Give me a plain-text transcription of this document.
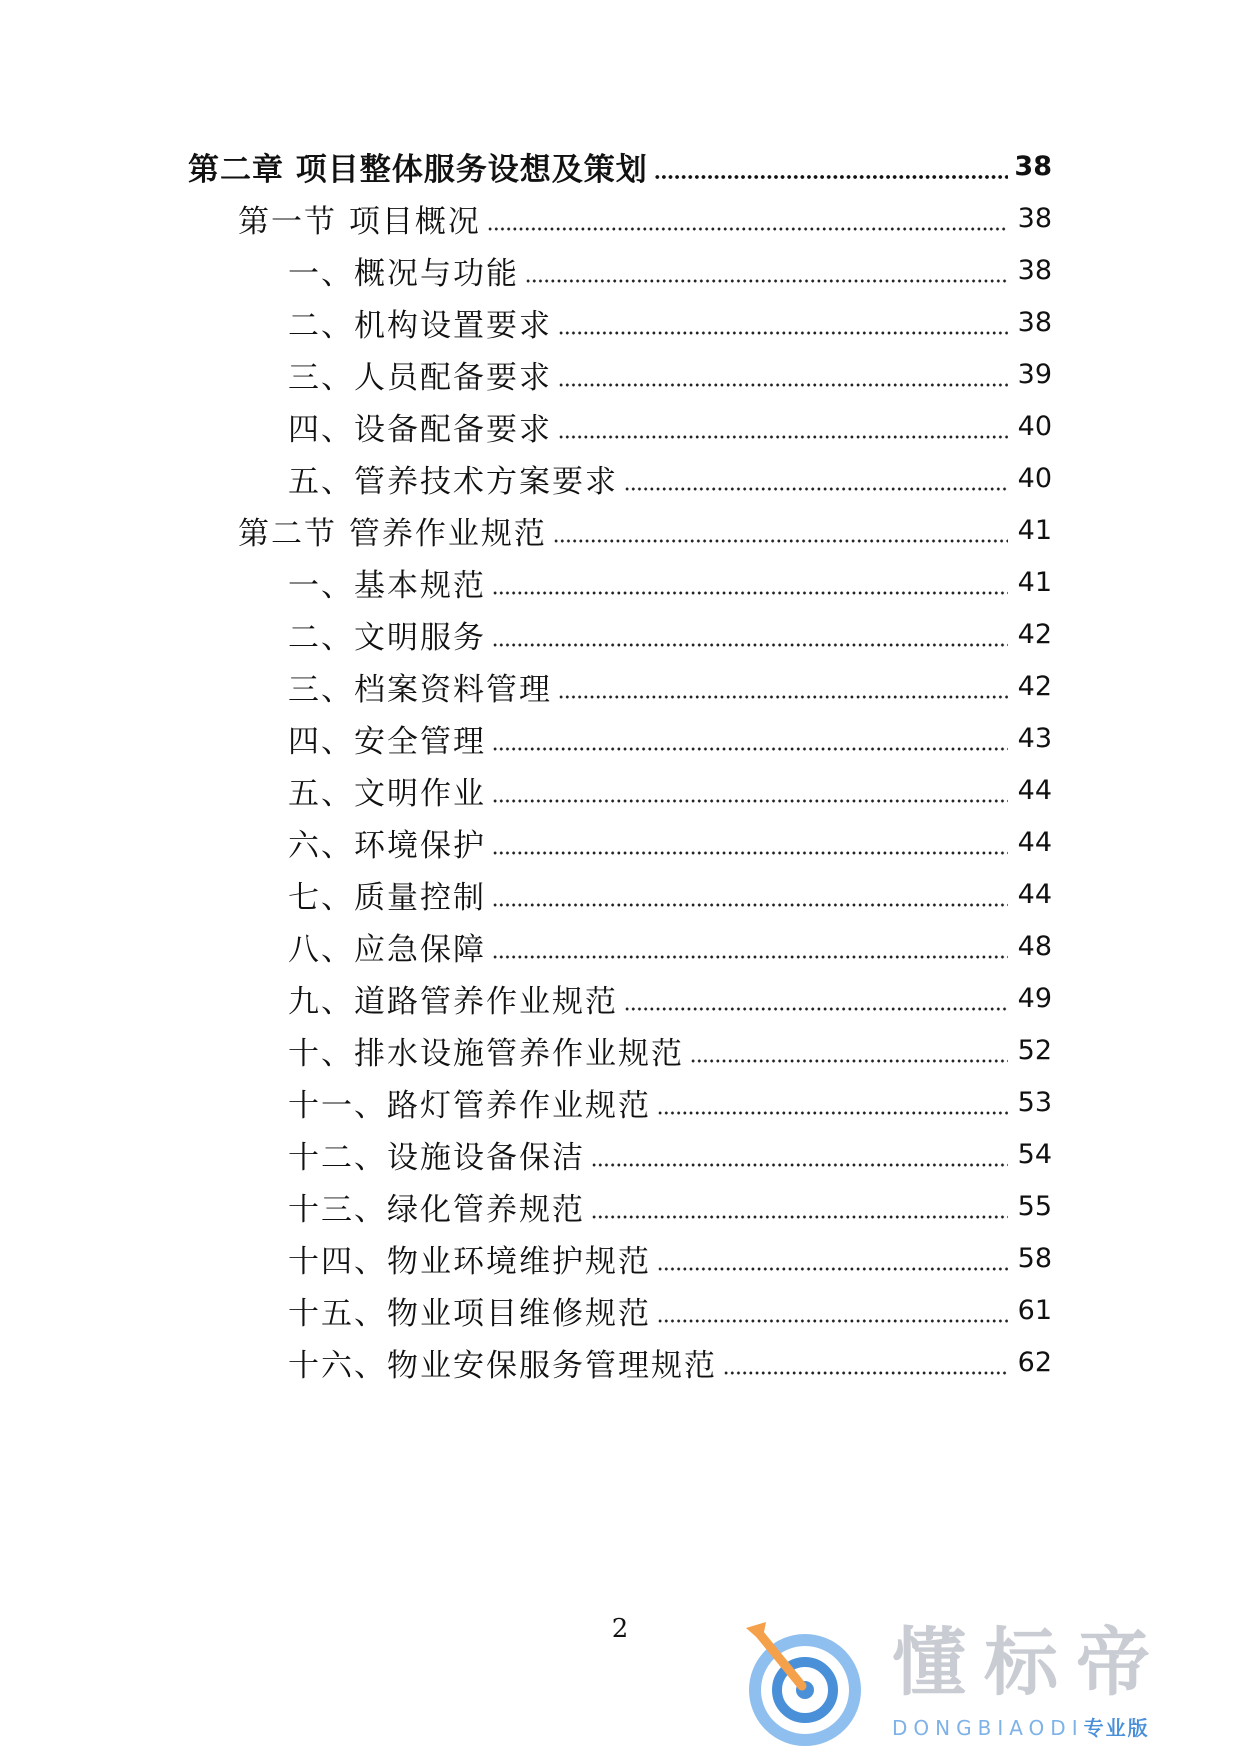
第二章 项目整体服务设想及策划	38
第一节 项目概况	38
一、概况与功能	38
二、机构设置要求	38
三、人员配备要求	39
四、设备配备要求	40
五、管养技术方案要求	40
第二节 管养作业规范	41
一、基本规范	41
二、文明服务	42
三、档案资料管理	42
四、安全管理	43
五、文明作业	44
六、环境保护	44
七、质量控制	44
八、应急保障	48
九、道路管养作业规范	49
十、排水设施管养作业规范	52
十一、路灯管养作业规范	53
十二、设施设备保洁	54
十三、绿化管养规范	55
十四、物业环境维护规范	58
十五、物业项目维修规范	61
十六、物业安保服务管理规范	62
2	懂标帝
DONGBIAODI专业版
